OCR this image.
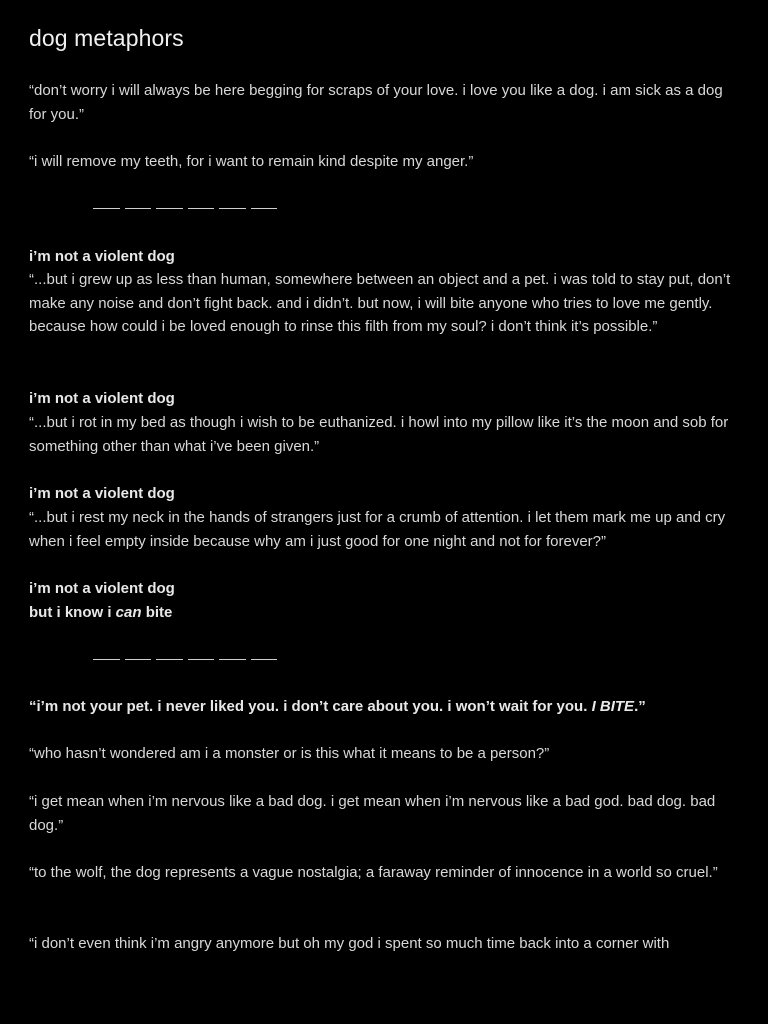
dog metaphors

“don’t worry i will always be here begging for scraps of your love. i love you like a dog. i am sick as a dog for you.”

“i will remove my teeth, for i want to remain kind despite my anger.”

i’m not a violent dog

“...but i grew up as less than human, somewhere between an object and a pet. i was told to stay put, don’t make any noise and don’t fight back. and i didn’t. but now, i will bite anyone who tries to love me gently. because how could i be loved enough to rinse this filth from my soul? i don’t think it’s possible.”

i’m not a violent dog

“...but i rot in my bed as though i wish to be euthanized. i howl into my pillow like it’s the moon and sob for something other than what i’ve been given.”

i’m not a violent dog

“...but i rest my neck in the hands of strangers just for a crumb of attention. i let them mark me up and cry when i feel empty inside because why am i just good for one night and not for forever?”

i’m not a violent dog

but i know i can bite

“i’m not your pet. i never liked you. i don’t care about you. i won’t wait for you. I BITE.”

“who hasn’t wondered am i a monster or is this what it means to be a person?”

“i get mean when i’m nervous like a bad dog. i get mean when i’m nervous like a bad god. bad dog. bad dog.”

“to the wolf, the dog represents a vague nostalgia; a faraway reminder of innocence in a world so cruel.”

“i don’t even think i’m angry anymore but oh my god i spent so much time back into a corner with
